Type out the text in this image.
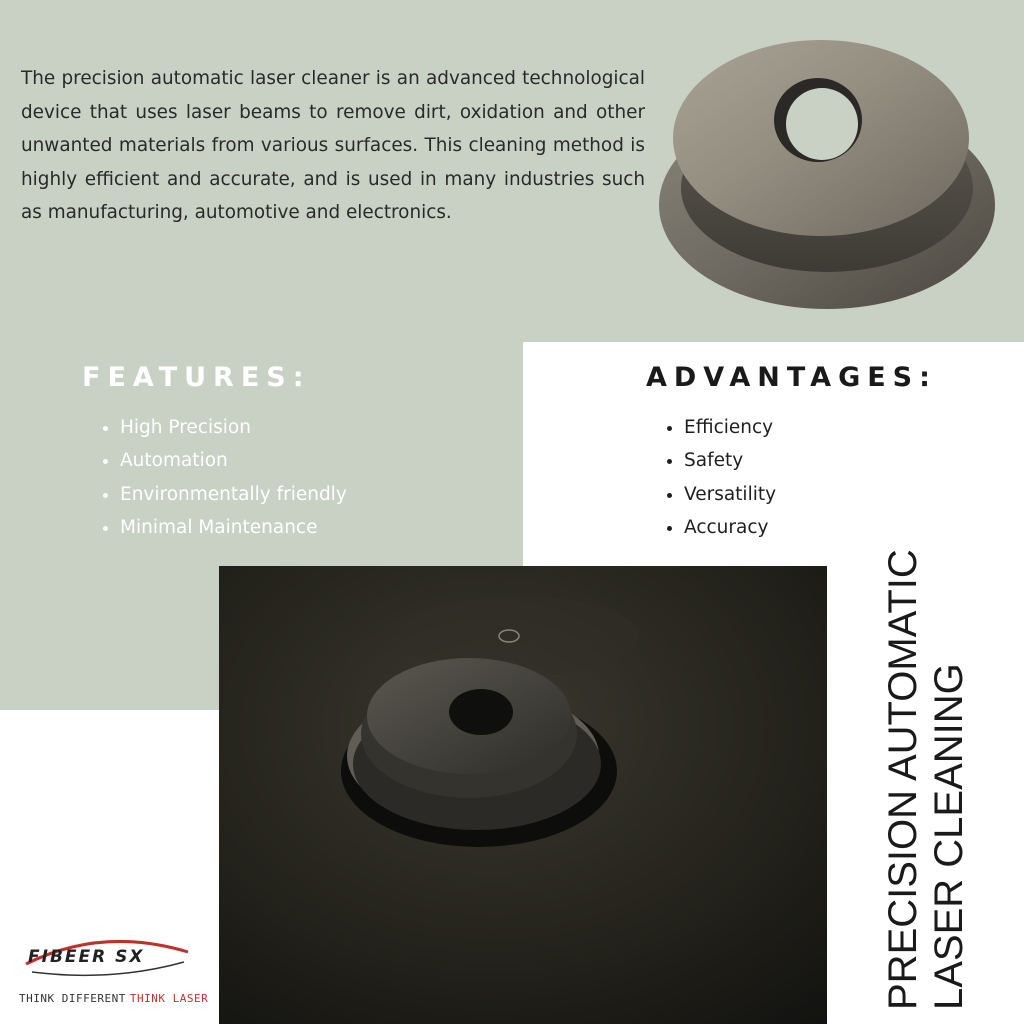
The precision automatic laser cleaner is an advanced technological device that uses laser beams to remove dirt, oxidation and other unwanted materials from various surfaces. This cleaning method is highly efficient and accurate, and is used in many industries such as manufacturing, automotive and electronics.

FEATURES:
• High Precision
• Automation
• Environmentally friendly
• Minimal Maintenance
ADVANTAGES:
• Efficiency
• Safety
• Versatility
• Accuracy
PRECISION AUTOMATIC LASER CLEANING
FIBEER SX
THINK DIFFERENT THINK LASER
